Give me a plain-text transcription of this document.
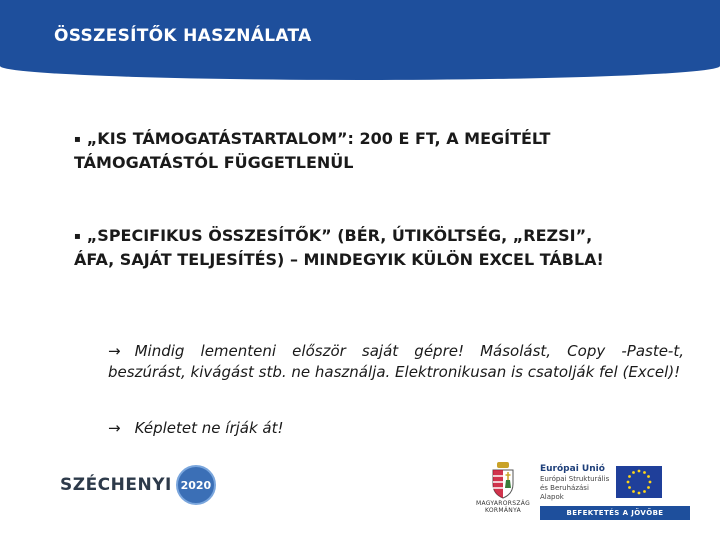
ÖSSZESÍTŐK HASZNÁLATA

▪ „KIS TÁMOGATÁSTARTALOM”: 200 E FT, A MEGÍTÉLT TÁMOGATÁSTÓL FÜGGETLENÜL

▪ „SPECIFIKUS ÖSSZESÍTŐK” (BÉR, ÚTIKÖLTSÉG, „REZSI”, ÁFA, SAJÁT TELJESÍTÉS) – MINDEGYIK KÜLÖN EXCEL TÁBLA!

→ Mindig lementeni először saját gépre! Másolást, Copy -Paste-t, beszúrást, kivágást stb. ne használja. Elektronikusan is csatolják fel (Excel)!

→ Képletet ne írják át!

SZÉCHENYI 2020
MAGYARORSZÁG
KORMÁNYA
Európai Unió
Európai Strukturális
és Beruházási Alapok
BEFEKTETÉS A JÖVŐBE
